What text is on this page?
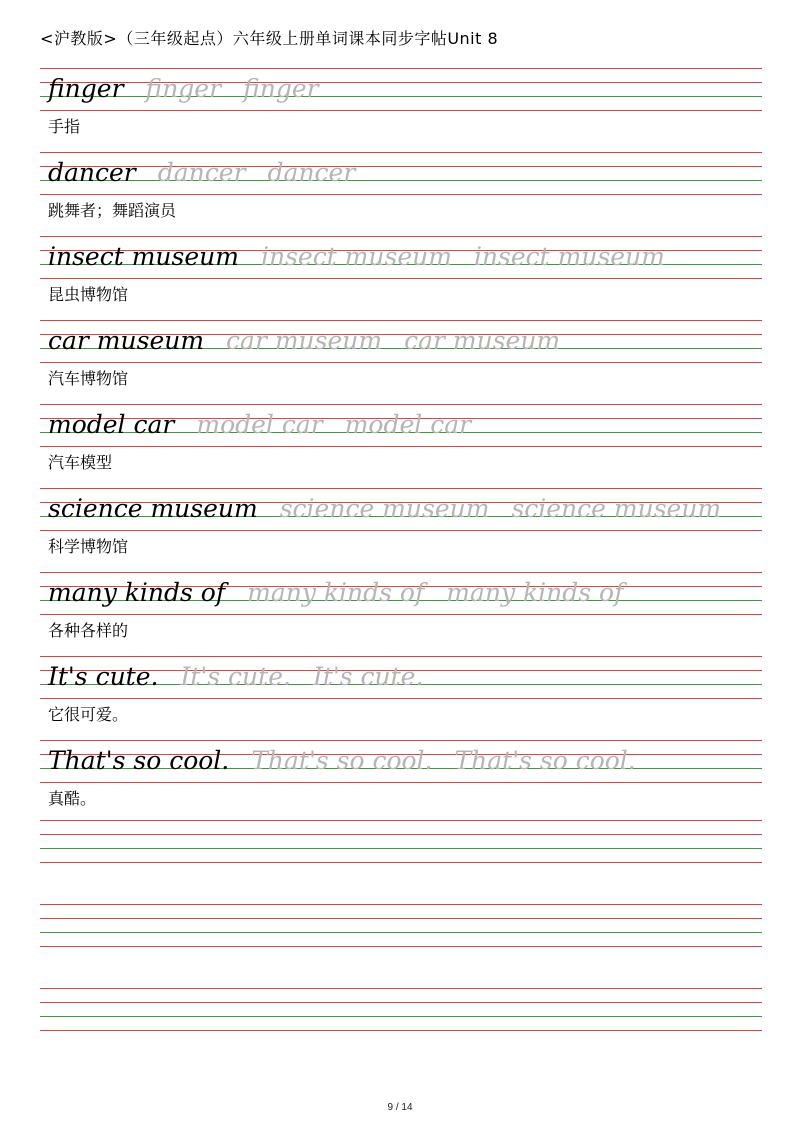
<沪教版>（三年级起点）六年级上册单词课本同步字帖Unit 8
finger finger finger
手指
dancer dancer dancer
跳舞者；舞蹈演员
insect museum insect museum insect museum
昆虫博物馆
car museum car museum car museum
汽车博物馆
model car model car model car
汽车模型
science museum science museum science museum
科学博物馆
many kinds of many kinds of many kinds of
各种各样的
It's cute. It's cute. It's cute.
它很可爱。
That's so cool. That's so cool. That's so cool.
真酷。
9 / 14
